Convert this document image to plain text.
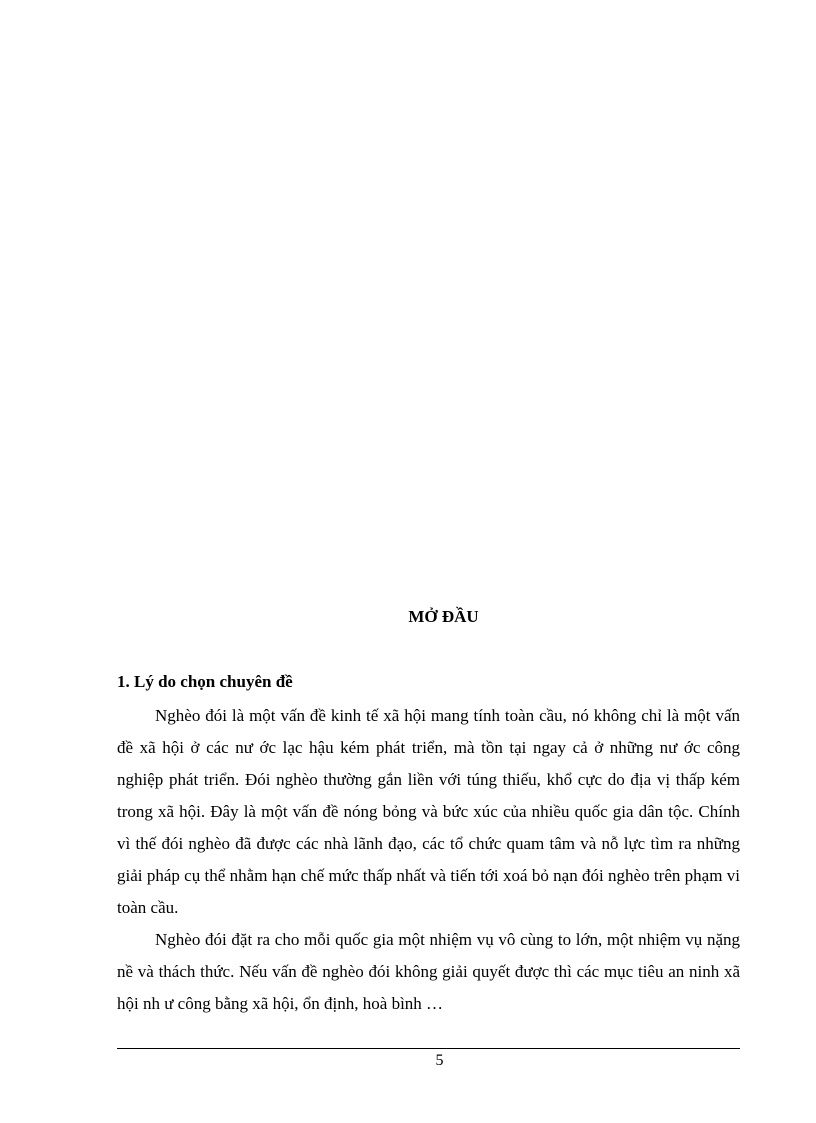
MỞ ĐẦU
1. Lý do chọn chuyên đề

Nghèo đói là một vấn đề kinh tế xã hội mang tính toàn cầu, nó không chỉ là một vấn đề xã hội ở các nư ớc lạc hậu kém phát triển, mà tồn tại ngay cả ở những nư ớc công nghiệp phát triển. Đói nghèo thường gắn liền với túng thiếu, khổ cực do địa vị thấp kém trong xã hội. Đây là một vấn đề nóng bỏng và bức xúc của nhiều quốc gia dân tộc. Chính vì thế đói nghèo đã được các nhà lãnh đạo, các tổ chức quam tâm và nỗ lực tìm ra những giải pháp cụ thể nhằm hạn chế mức thấp nhất và tiến tới xoá bỏ nạn đói nghèo trên phạm vi toàn cầu.

Nghèo đói đặt ra cho mỗi quốc gia một nhiệm vụ vô cùng to lớn, một nhiệm vụ nặng nề và thách thức. Nếu vấn đề nghèo đói không giải quyết được thì các mục tiêu an ninh xã hội nh ư công bằng xã hội, ổn định, hoà bình …

5
